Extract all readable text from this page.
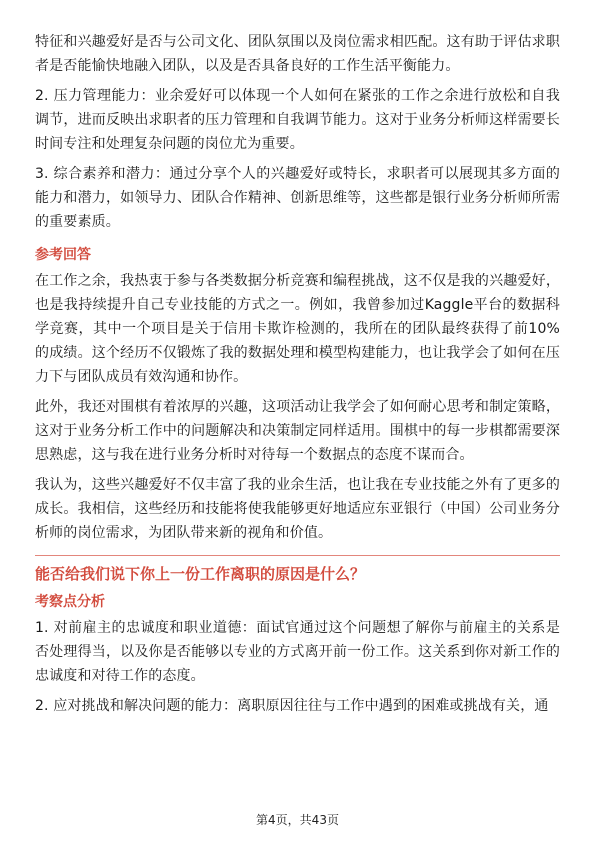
特征和兴趣爱好是否与公司文化、团队氛围以及岗位需求相匹配。这有助于评估求职者是否能愉快地融入团队，以及是否具备良好的工作生活平衡能力。

2. 压力管理能力：业余爱好可以体现一个人如何在紧张的工作之余进行放松和自我调节，进而反映出求职者的压力管理和自我调节能力。这对于业务分析师这样需要长时间专注和处理复杂问题的岗位尤为重要。

3. 综合素养和潜力：通过分享个人的兴趣爱好或特长，求职者可以展现其多方面的能力和潜力，如领导力、团队合作精神、创新思维等，这些都是银行业务分析师所需的重要素质。

参考回答

在工作之余，我热衷于参与各类数据分析竞赛和编程挑战，这不仅是我的兴趣爱好，也是我持续提升自己专业技能的方式之一。例如，我曾参加过Kaggle平台的数据科学竞赛，其中一个项目是关于信用卡欺诈检测的，我所在的团队最终获得了前10%的成绩。这个经历不仅锻炼了我的数据处理和模型构建能力，也让我学会了如何在压力下与团队成员有效沟通和协作。

此外，我还对围棋有着浓厚的兴趣，这项活动让我学会了如何耐心思考和制定策略，这对于业务分析工作中的问题解决和决策制定同样适用。围棋中的每一步棋都需要深思熟虑，这与我在进行业务分析时对待每一个数据点的态度不谋而合。

我认为，这些兴趣爱好不仅丰富了我的业余生活，也让我在专业技能之外有了更多的成长。我相信，这些经历和技能将使我能够更好地适应东亚银行（中国）公司业务分析师的岗位需求，为团队带来新的视角和价值。

能否给我们说下你上一份工作离职的原因是什么？
考察点分析

1. 对前雇主的忠诚度和职业道德：面试官通过这个问题想了解你与前雇主的关系是否处理得当，以及你是否能够以专业的方式离开前一份工作。这关系到你对新工作的忠诚度和对待工作的态度。

2. 应对挑战和解决问题的能力：离职原因往往与工作中遇到的困难或挑战有关，通

第4页，共43页
